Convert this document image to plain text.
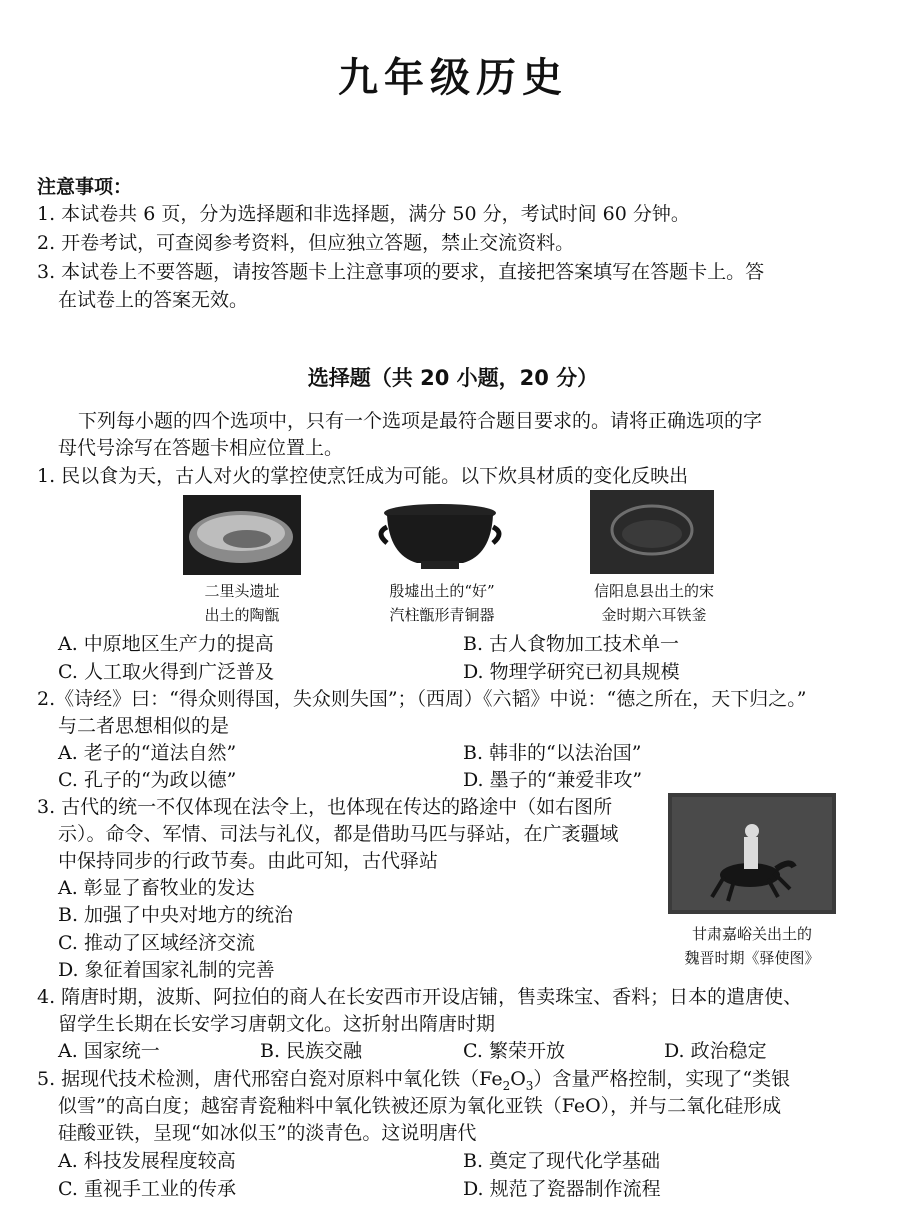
九年级历史
注意事项：
1. 本试卷共 6 页，分为选择题和非选择题，满分 50 分，考试时间 60 分钟。
2. 开卷考试，可查阅参考资料，但应独立答题，禁止交流资料。
3. 本试卷上不要答题，请按答题卡上注意事项的要求，直接把答案填写在答题卡上。答
在试卷上的答案无效。
选择题（共 20 小题，20 分）
下列每小题的四个选项中，只有一个选项是最符合题目要求的。请将正确选项的字
母代号涂写在答题卡相应位置上。
1. 民以食为天，古人对火的掌控使烹饪成为可能。以下炊具材质的变化反映出
二里头遗址
出土的陶甑
殷墟出土的“好”
汽柱甑形青铜器
信阳息县出土的宋
金时期六耳铁釜
A. 中原地区生产力的提高	B. 古人食物加工技术单一
C. 人工取火得到广泛普及	D. 物理学研究已初具规模
2.《诗经》曰：“得众则得国，失众则失国”；（西周）《六韬》中说：“德之所在，天下归之。”
与二者思想相似的是
A. 老子的“道法自然”	B. 韩非的“以法治国”
C. 孔子的“为政以德”	D. 墨子的“兼爱非攻”
3. 古代的统一不仅体现在法令上，也体现在传达的路途中（如右图所
示）。命令、军情、司法与礼仪，都是借助马匹与驿站，在广袤疆域
中保持同步的行政节奏。由此可知，古代驿站
A. 彰显了畜牧业的发达
B. 加强了中央对地方的统治
C. 推动了区域经济交流
D. 象征着国家礼制的完善
甘肃嘉峪关出土的
魏晋时期《驿使图》
4. 隋唐时期，波斯、阿拉伯的商人在长安西市开设店铺，售卖珠宝、香料；日本的遣唐使、
留学生长期在长安学习唐朝文化。这折射出隋唐时期
A. 国家统一	B. 民族交融	C. 繁荣开放	D. 政治稳定
5. 据现代技术检测，唐代邢窑白瓷对原料中氧化铁$(Fe_2O_3)$含量严格控制，实现了“类银
似雪”的高白度；越窑青瓷釉料中氧化铁被还原为氧化亚铁（FeO），并与二氧化硅形成
硅酸亚铁，呈现“如冰似玉”的淡青色。这说明唐代
A. 科技发展程度较高	B. 奠定了现代化学基础
C. 重视手工业的传承	D. 规范了瓷器制作流程
